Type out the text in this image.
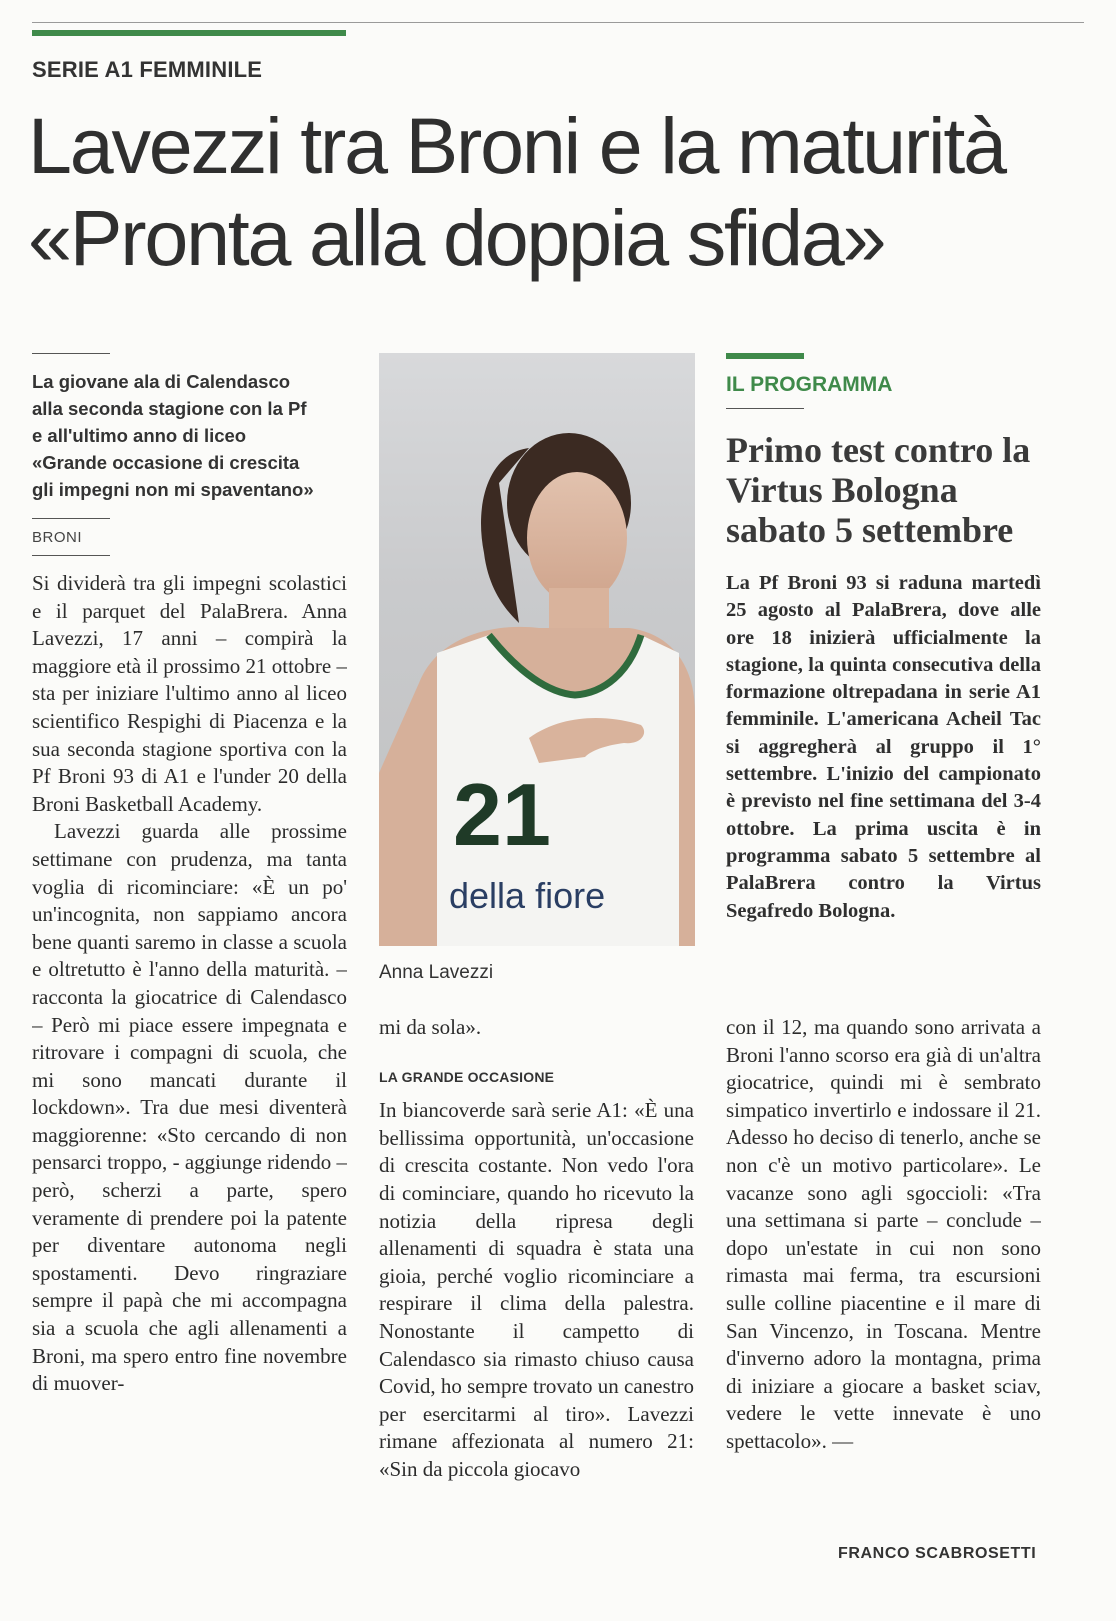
SERIE A1 FEMMINILE
Lavezzi tra Broni e la maturità
«Pronta alla doppia sfida»
La giovane ala di Calendasco
alla seconda stagione con la Pf
e all'ultimo anno di liceo
«Grande occasione di crescita
gli impegni non mi spaventano»
BRONI

Si dividerà tra gli impegni scolastici e il parquet del PalaBrera. Anna Lavezzi, 17 anni – compirà la maggiore età il prossimo 21 ottobre – sta per iniziare l'ultimo anno al liceo scientifico Respighi di Piacenza e la sua seconda stagione sportiva con la Pf Broni 93 di A1 e l'under 20 della Broni Basketball Academy.

Lavezzi guarda alle prossime settimane con prudenza, ma tanta voglia di ricominciare: «È un po' un'incognita, non sappiamo ancora bene quanti saremo in classe a scuola e oltretutto è l'anno della maturità. – racconta la giocatrice di Calendasco – Però mi piace essere impegnata e ritrovare i compagni di scuola, che mi sono mancati durante il lockdown». Tra due mesi diventerà maggiorenne: «Sto cercando di non pensarci troppo, - aggiunge ridendo – però, scherzi a parte, spero veramente di prendere poi la patente per diventare autonoma negli spostamenti. Devo ringraziare sempre il papà che mi accompagna sia a scuola che agli allenamenti a Broni, ma spero entro fine novembre di muover-

21
della fiore
Anna Lavezzi

mi da sola».

LA GRANDE OCCASIONE

In biancoverde sarà serie A1: «È una bellissima opportunità, un'occasione di crescita costante. Non vedo l'ora di cominciare, quando ho ricevuto la notizia della ripresa degli allenamenti di squadra è stata una gioia, perché voglio ricominciare a respirare il clima della palestra. Nonostante il campetto di Calendasco sia rimasto chiuso causa Covid, ho sempre trovato un canestro per esercitarmi al tiro». Lavezzi rimane affezionata al numero 21: «Sin da piccola giocavo

IL PROGRAMMA
Primo test contro la Virtus Bologna sabato 5 settembre
La Pf Broni 93 si raduna martedì 25 agosto al PalaBrera, dove alle ore 18 inizierà ufficialmente la stagione, la quinta consecutiva della formazione oltrepadana in serie A1 femminile. L'americana Acheil Tac si aggregherà al gruppo il 1° settembre. L'inizio del campionato è previsto nel fine settimana del 3-4 ottobre. La prima uscita è in programma sabato 5 settembre al PalaBrera contro la Virtus Segafredo Bologna.

con il 12, ma quando sono arrivata a Broni l'anno scorso era già di un'altra giocatrice, quindi mi è sembrato simpatico invertirlo e indossare il 21. Adesso ho deciso di tenerlo, anche se non c'è un motivo particolare». Le vacanze sono agli sgoccioli: «Tra una settimana si parte – conclude – dopo un'estate in cui non sono rimasta mai ferma, tra escursioni sulle colline piacentine e il mare di San Vincenzo, in Toscana. Mentre d'inverno adoro la montagna, prima di iniziare a giocare a basket sciav, vedere le vette innevate è uno spettacolo». —

FRANCO SCABROSETTI
